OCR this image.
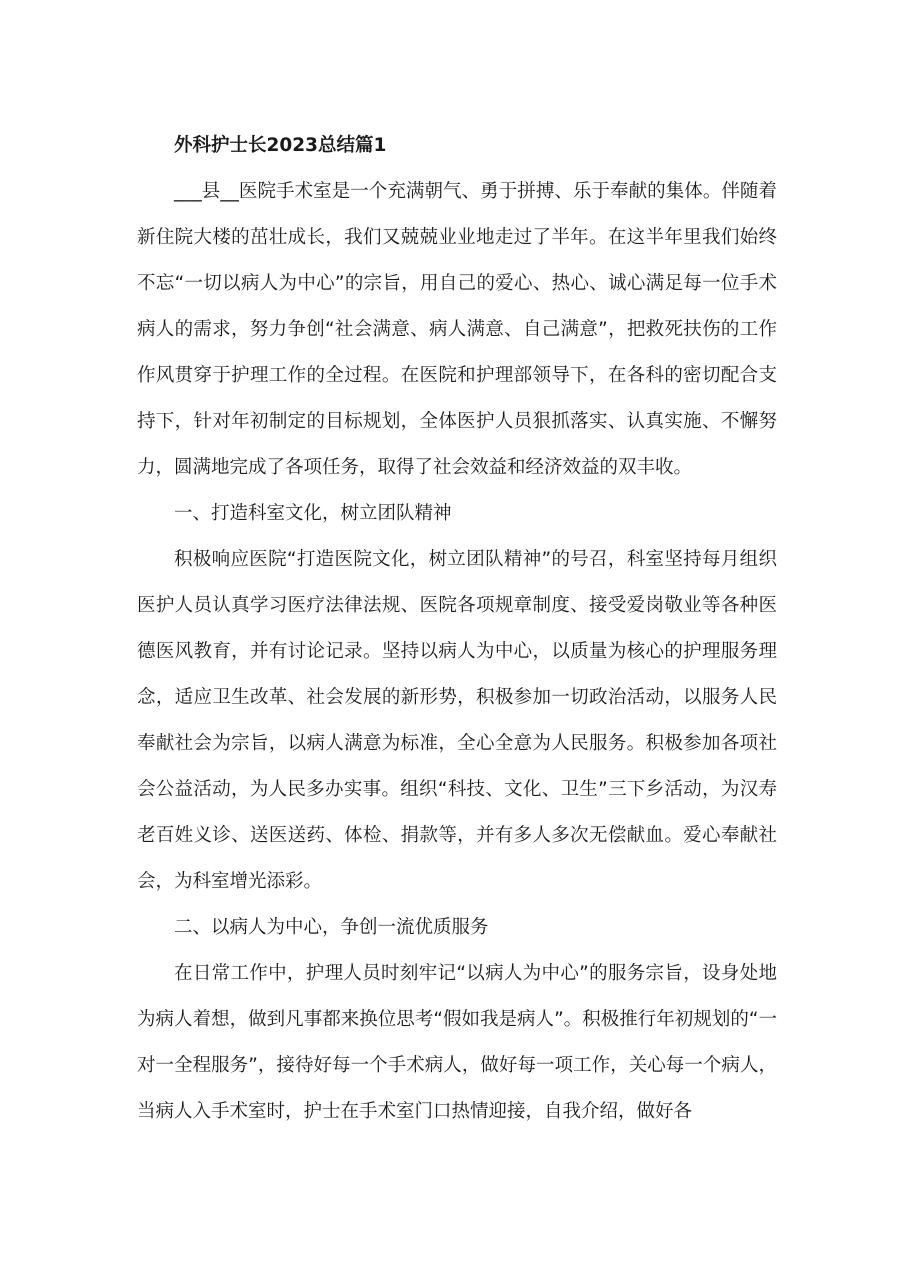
外科护士长2023总结篇1

___县__医院手术室是一个充满朝气、勇于拼搏、乐于奉献的集体。伴随着新住院大楼的茁壮成长，我们又兢兢业业地走过了半年。在这半年里我们始终不忘“一切以病人为中心”的宗旨，用自己的爱心、热心、诚心满足每一位手术病人的需求，努力争创“社会满意、病人满意、自己满意”，把救死扶伤的工作作风贯穿于护理工作的全过程。在医院和护理部领导下，在各科的密切配合支持下，针对年初制定的目标规划，全体医护人员狠抓落实、认真实施、不懈努力，圆满地完成了各项任务，取得了社会效益和经济效益的双丰收。

一、打造科室文化，树立团队精神

积极响应医院“打造医院文化，树立团队精神”的号召，科室坚持每月组织医护人员认真学习医疗法律法规、医院各项规章制度、接受爱岗敬业等各种医德医风教育，并有讨论记录。坚持以病人为中心，以质量为核心的护理服务理念，适应卫生改革、社会发展的新形势，积极参加一切政治活动，以服务人民奉献社会为宗旨，以病人满意为标准，全心全意为人民服务。积极参加各项社会公益活动，为人民多办实事。组织“科技、文化、卫生”三下乡活动，为汉寿老百姓义诊、送医送药、体检、捐款等，并有多人多次无偿献血。爱心奉献社会，为科室增光添彩。

二、以病人为中心，争创一流优质服务

在日常工作中，护理人员时刻牢记“以病人为中心”的服务宗旨，设身处地为病人着想，做到凡事都来换位思考“假如我是病人”。积极推行年初规划的“一对一全程服务”，接待好每一个手术病人，做好每一项工作，关心每一个病人，当病人入手术室时，护士在手术室门口热情迎接，自我介绍，做好各
